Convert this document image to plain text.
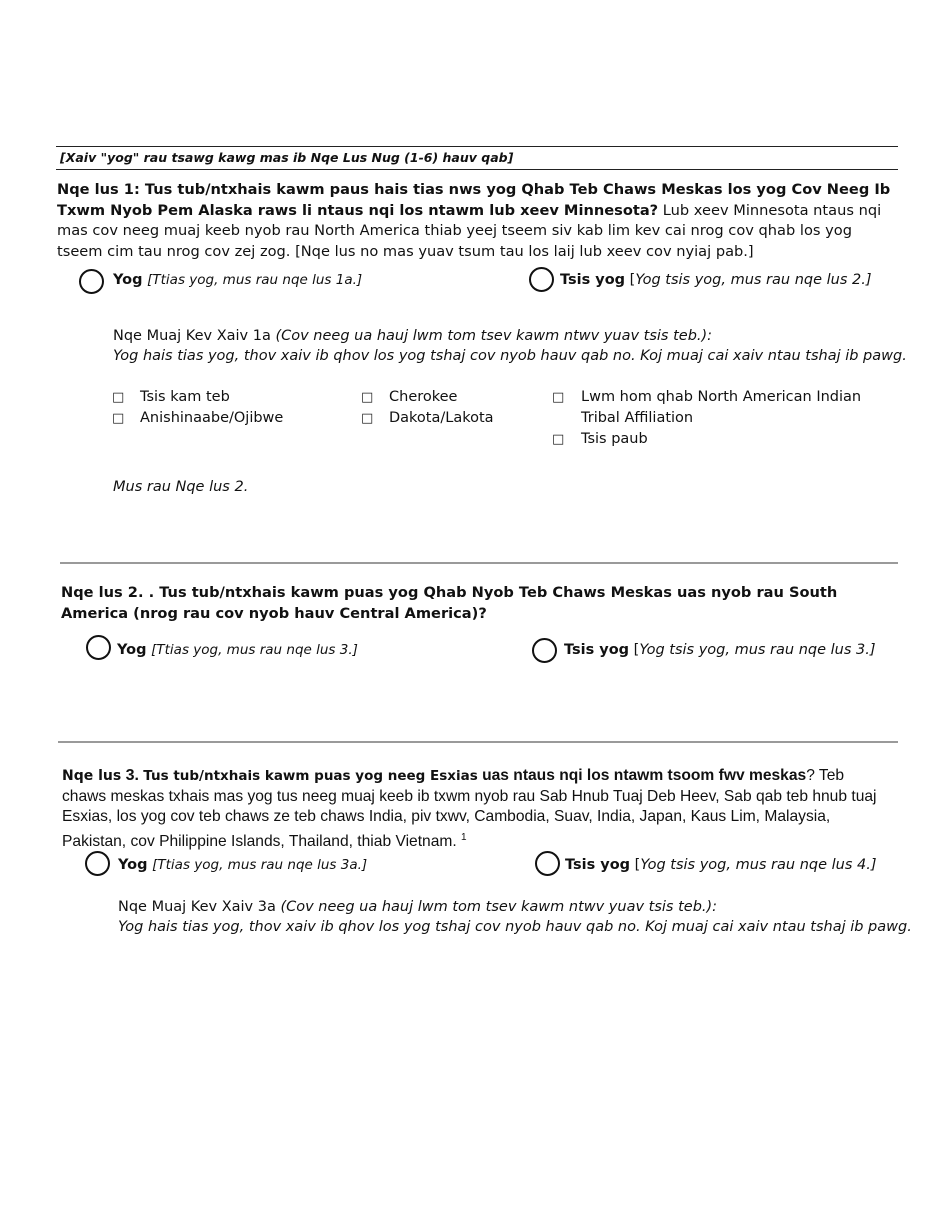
[Xaiv "yog" rau tsawg kawg mas ib Nqe Lus Nug (1-6) hauv qab]
Nqe lus 1: Tus tub/ntxhais kawm paus hais tias nws yog Qhab Teb Chaws Meskas los yog Cov Neeg Ib Txwm Nyob Pem Alaska raws li ntaus nqi los ntawm lub xeev Minnesota? Lub xeev Minnesota ntaus nqi mas cov neeg muaj keeb nyob rau North America thiab yeej tseem siv kab lim kev cai nrog cov qhab los yog tseem cim tau nrog cov zej zog. [Nqe lus no mas yuav tsum tau los laij lub xeev cov nyiaj pab.]
Yog [Ttias yog, mus rau nqe lus 1a.]	Tsis yog [Yog tsis yog, mus rau nqe lus 2.]
Nqe Muaj Kev Xaiv 1a (Cov neeg ua hauj lwm tom tsev kawm ntwv yuav tsis teb.):
Yog hais tias yog, thov xaiv ib qhov los yog tshaj cov nyob hauv qab no. Koj muaj cai xaiv ntau tshaj ib pawg.
□ Tsis kam teb
□ Anishinaabe/Ojibwe
□ Cherokee
□ Dakota/Lakota
□ Lwm hom qhab North American Indian Tribal Affiliation
□ Tsis paub
Mus rau Nqe lus 2.
Nqe lus 2. . Tus tub/ntxhais kawm puas yog Qhab Nyob Teb Chaws Meskas uas nyob rau South America (nrog rau cov nyob hauv Central America)?
Yog [Ttias yog, mus rau nqe lus 3.]	Tsis yog [Yog tsis yog, mus rau nqe lus 3.]
Nqe lus 3. Tus tub/ntxhais kawm puas yog neeg Esxias uas ntaus nqi los ntawm tsoom fwv meskas? Teb chaws meskas txhais mas yog tus neeg muaj keeb ib txwm nyob rau Sab Hnub Tuaj Deb Heev, Sab qab teb hnub tuaj Esxias, los yog cov teb chaws ze teb chaws India, piv txwv, Cambodia, Suav, India, Japan, Kaus Lim, Malaysia, Pakistan, cov Philippine Islands, Thailand, thiab Vietnam. $^1$
Yog [Ttias yog, mus rau nqe lus 3a.]	Tsis yog [Yog tsis yog, mus rau nqe lus 4.]
Nqe Muaj Kev Xaiv 3a (Cov neeg ua hauj lwm tom tsev kawm ntwv yuav tsis teb.):
Yog hais tias yog, thov xaiv ib qhov los yog tshaj cov nyob hauv qab no. Koj muaj cai xaiv ntau tshaj ib pawg.
